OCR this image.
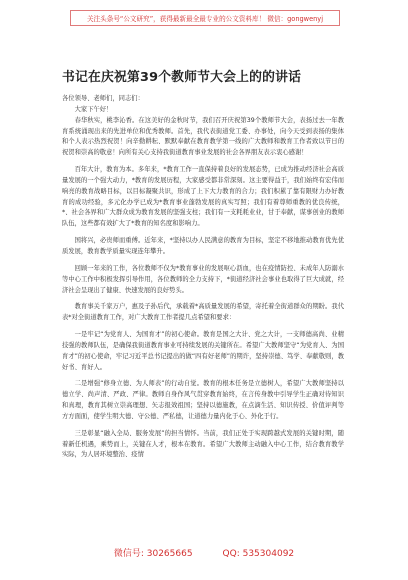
关注头条号“公文研究”，获得最新最全最专业的公文资料库！ 微信：gongwenyj
书记在庆祝第39个教师节大会上的的讲话

各位领导、老师们，同志们：

大家下午好！

春华秋实，桃李沁香。在这美好的金秋时节，我们召开庆祝第39个教师节大会，表扬过去一年教育系统涌现出来的先进单位和优秀教师。首先，我代表街道党工委、办事处，向今天受到表扬的集体和个人表示热烈祝贺！向辛勤耕耘、默默奉献在教育教学第一线的广大教师和教育工作者致以节日的祝贺和崇高的敬意！向所有关心支持我街道教育事业发展的社会各界朋友表示衷心感谢！

百年大计，教育为本。多年来，*教育工作一直保持着良好的发展态势，已成为推动经济社会高质量发展的一个强大动力，*教育的发展历程，大家感受都非常深刻。这主要得益于，我们始终有宏伟而响亮的教育战略目标，以目标凝聚共识，形成了上下大力教育的合力；我们积累了靠有限财力办好教育的成功经验，多元化办学已成为*教育事业蓬勃发展的真实写照；我们有着尊师重教的优良传统，*、社会各界和广大群众成为教育发展的坚强支柱；我们有一支耗耗业业，甘于奉献，谋事创业的教师队伍，这些都有效扩大了*教育的知名度和影响力。

国将兴，必贵师而重傅。近年来，*坚持以办人民满意的教育为目标，坚定不移地推动教育优先优质发展，教育教学质量实现连年攀升。

回顾一年来的工作，各位教师不仅为*教育事业的发展呕心沥血，也在疫情防控、未成年人防溺水等中心工作中积极发挥引导作用，各位教师的全力支持下，*街道经济社会事业也取得了巨大成就，经济社会呈现出了健康、快速发展的良好势头。

教育事关千家万户，惠及子孙后代，承载着*高质量发展的希望，寄托着全街道群众的期盼。我代表*对全街道教育工作，对广大教育工作者提几点希望和要求：

一是牢记“为党育人、为国育才”的初心使命。教育是国之大计、党之大计，一支师德高尚、业精技强的教师队伍，是确保我街道教育事业可持续发展的关键所在。希望广大教师坚守“为党育人、为国育才”的初心使命，牢记习近平总书记提出的做“四有好老师”的期许，坚持崇德、笃学、奉献敬则，教好书、育好人。

二是增强“修身立德、为人师表”的行动自觉。教育的根本任务是立德树人，希望广大教师坚持以德立学、尚声清、严政、严律。教师自身作风气贯穿教育始终，在言传身教中引导学生正确对待知识和真理，教育其树立崇高理想、矢志报效祖国；坚持以德施教，在点滴生活、知识传授、价值评判等方方面面，使学生明大德、守公德、严私德，让道德力量内化于心、外化于行。

三是彰显“融入全局、服务发展”的担当情怀。当前，我们正处于实现跨越式发展的关键时期，随着新任机遇，乘势而上，关键在人才，根本在教育。希望广大教师主动融入中心工作，结合教育教学实际，为人居环境整治、疫情

微信号: 30265665	QQ: 535304092
